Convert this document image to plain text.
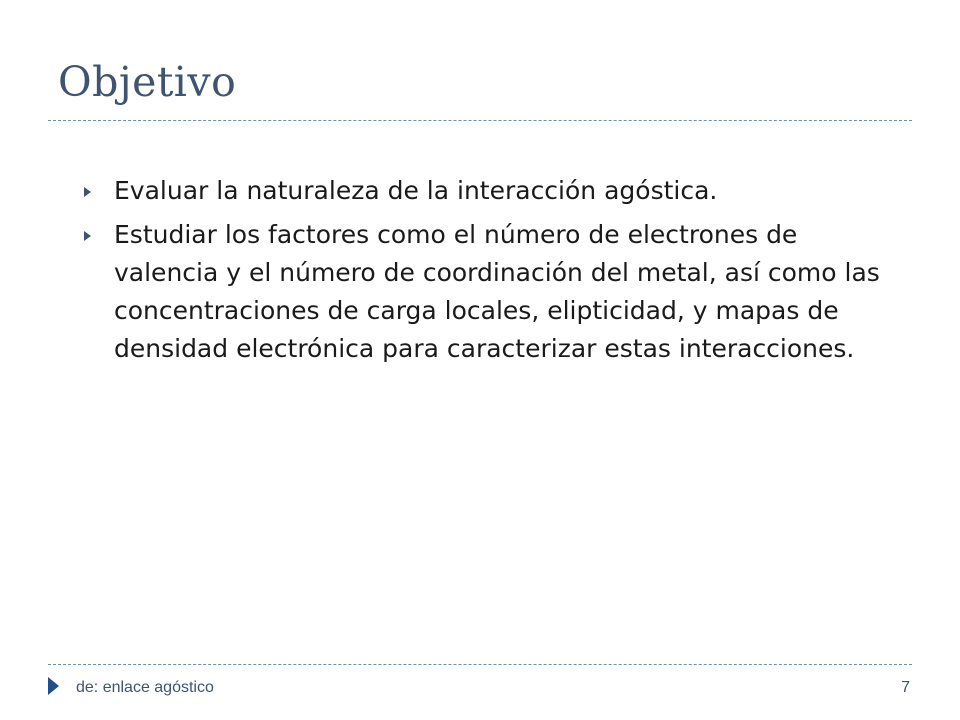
Objetivo
Evaluar la naturaleza de la interacción agóstica.
Estudiar los factores como el número de electrones de valencia y el número de coordinación del metal, así como las concentraciones de carga locales, elipticidad, y mapas de densidad electrónica para caracterizar estas interacciones.
de: enlace agóstico	7
